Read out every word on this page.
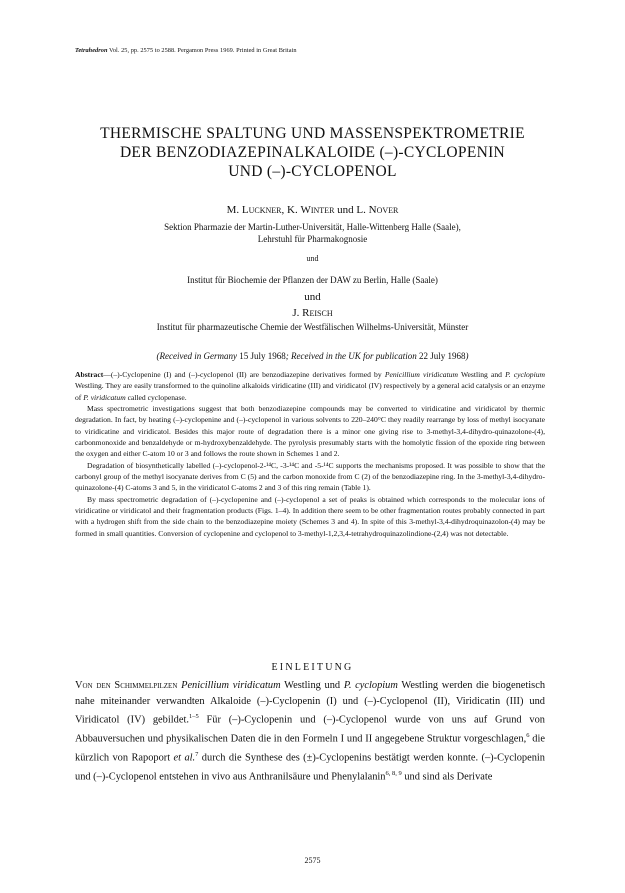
Tetrahedron Vol. 25, pp. 2575 to 2588. Pergamon Press 1969. Printed in Great Britain
THERMISCHE SPALTUNG UND MASSENSPEKTROMETRIE
DER BENZODIAZEPINALKALOIDE (–)-CYCLOPENIN
UND (–)-CYCLOPENOL
M. Luckner, K. Winter und L. Nover
Sektion Pharmazie der Martin-Luther-Universität, Halle-Wittenberg Halle (Saale),
Lehrstuhl für Pharmakognosie
und
Institut für Biochemie der Pflanzen der DAW zu Berlin, Halle (Saale)
und
J. Reisch
Institut für pharmazeutische Chemie der Westfälischen Wilhelms-Universität, Münster
(Received in Germany 15 July 1968; Received in the UK for publication 22 July 1968)

Abstract—(–)-Cyclopenine (I) and (–)-cyclopenol (II) are benzodiazepine derivatives formed by Penicillium viridicatum Westling and P. cyclopium Westling. They are easily transformed to the quinoline alkaloids viridicatine (III) and viridicatol (IV) respectively by a general acid catalysis or an enzyme of P. viridicatum called cyclopenase.

Mass spectrometric investigations suggest that both benzodiazepine compounds may be converted to viridicatine and viridicatol by thermic degradation. In fact, by heating (–)-cyclopenine and (–)-cyclopenol in various solvents to 220–240°C they readily rearrange by loss of methyl isocyanate to viridicatine and viridicatol. Besides this major route of degradation there is a minor one giving rise to 3-methyl-3,4-dihydro-quinazolone-(4), carbonmonoxide and benzaldehyde or m-hydroxybenzaldehyde. The pyrolysis presumably starts with the homolytic fission of the epoxide ring between the oxygen and either C-atom 10 or 3 and follows the route shown in Schemes 1 and 2.

Degradation of biosynthetically labelled (–)-cyclopenol-2-¹⁴C, -3-¹⁴C and -5-¹⁴C supports the mechanisms proposed. It was possible to show that the carbonyl group of the methyl isocyanate derives from C (5) and the carbon monoxide from C (2) of the benzodiazepine ring. In the 3-methyl-3,4-dihydro-quinazolone-(4) C-atoms 3 and 5, in the viridicatol C-atoms 2 and 3 of this ring remain (Table 1).

By mass spectrometric degradation of (–)-cyclopenine and (–)-cyclopenol a set of peaks is obtained which corresponds to the molecular ions of viridicatine or viridicatol and their fragmentation products (Figs. 1–4). In addition there seem to be other fragmentation routes probably connected in part with a hydrogen shift from the side chain to the benzodiazepine moiety (Schemes 3 and 4). In spite of this 3-methyl-3,4-dihydroquinazolon-(4) may be formed in small quantities. Conversion of cyclopenine and cyclopenol to 3-methyl-1,2,3,4-tetrahydroquinazolindione-(2,4) was not detectable.

EINLEITUNG

Von den Schimmelpilzen Penicillium viridicatum Westling und P. cyclopium Westling werden die biogenetisch nahe miteinander verwandten Alkaloide (–)-Cyclopenin (I) und (–)-Cyclopenol (II), Viridicatin (III) und Viridicatol (IV) gebildet.$^{1-5}$ Für (–)-Cyclopenin und (–)-Cyclopenol wurde von uns auf Grund von Abbauversuchen und physikalischen Daten die in den Formeln I und II angegebene Struktur vorgeschlagen,$^6$ die kürzlich von Rapoport et al.$^7$ durch die Synthese des (±)-Cyclopenins bestätigt werden konnte. (–)-Cyclopenin und (–)-Cyclopenol entstehen in vivo aus Anthranilsäure und Phenylalanin$^{6, 8, 9}$ und sind als Derivate

2575
